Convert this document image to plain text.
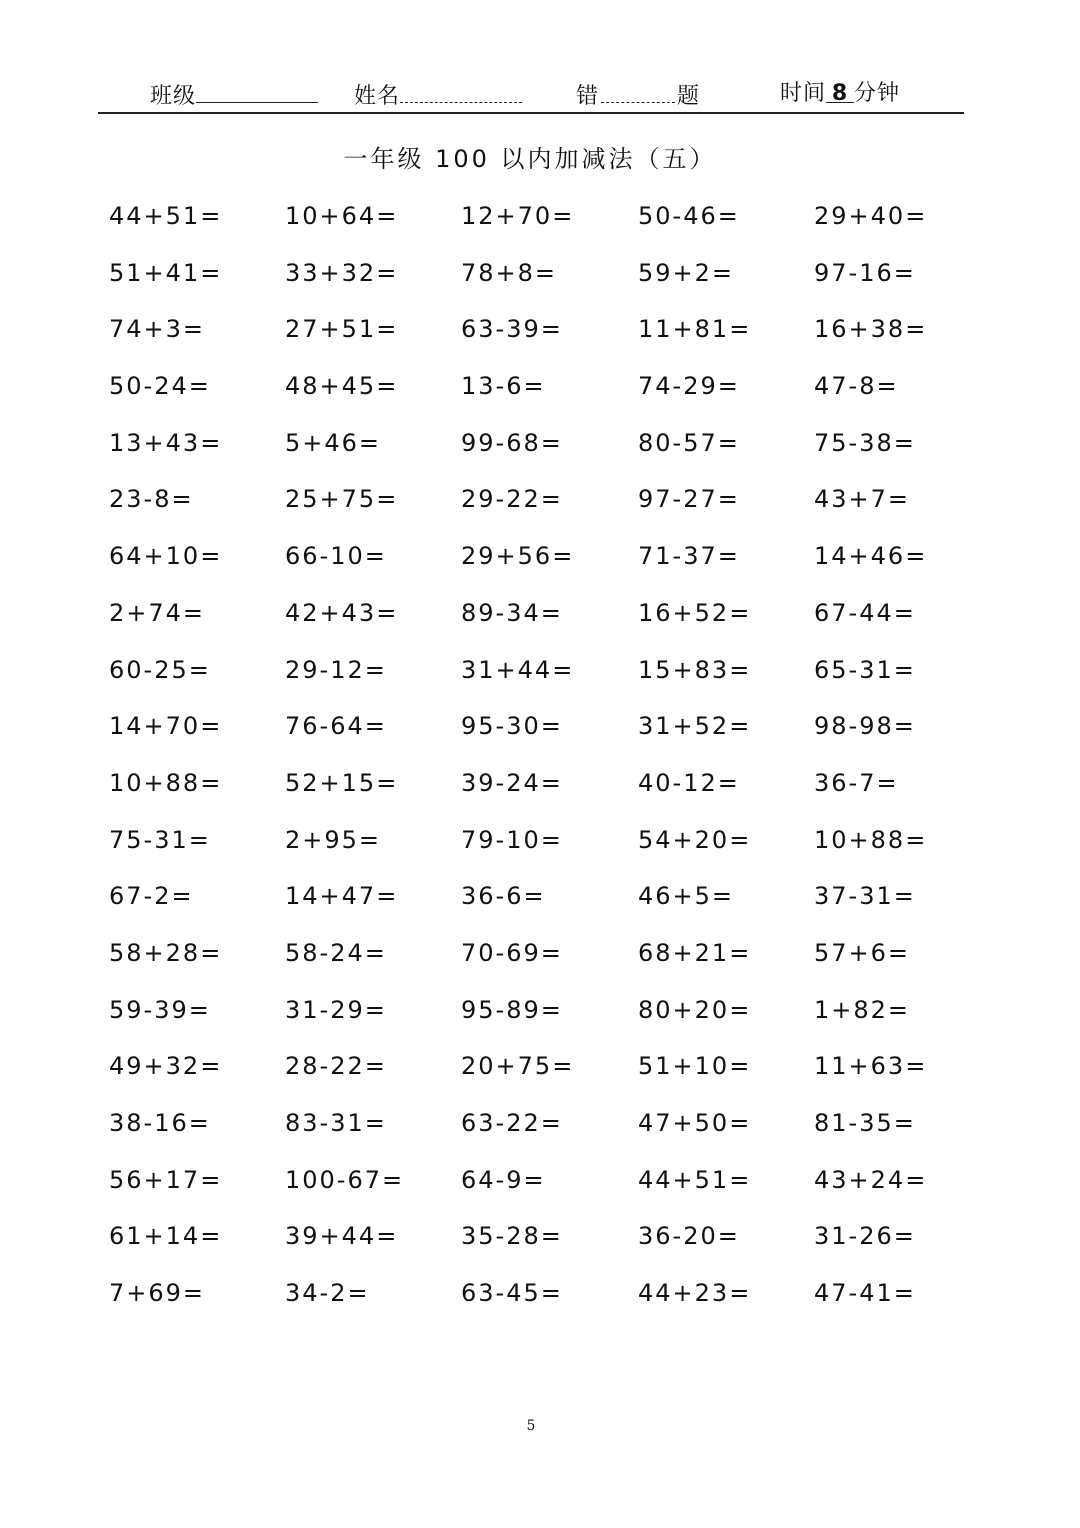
班级	姓名	错	题	时间 8 分钟
一年级 100 以内加减法（五）
44+51=	10+64=	12+70=	50-46=	29+40=
51+41=	33+32=	78+8=	59+2=	97-16=
74+3=	27+51=	63-39=	11+81=	16+38=
50-24=	48+45=	13-6=	74-29=	47-8=
13+43=	5+46=	99-68=	80-57=	75-38=
23-8=	25+75=	29-22=	97-27=	43+7=
64+10=	66-10=	29+56=	71-37=	14+46=
2+74=	42+43=	89-34=	16+52=	67-44=
60-25=	29-12=	31+44=	15+83=	65-31=
14+70=	76-64=	95-30=	31+52=	98-98=
10+88=	52+15=	39-24=	40-12=	36-7=
75-31=	2+95=	79-10=	54+20=	10+88=
67-2=	14+47=	36-6=	46+5=	37-31=
58+28=	58-24=	70-69=	68+21=	57+6=
59-39=	31-29=	95-89=	80+20=	1+82=
49+32=	28-22=	20+75=	51+10=	11+63=
38-16=	83-31=	63-22=	47+50=	81-35=
56+17=	100-67=	64-9=	44+51=	43+24=
61+14=	39+44=	35-28=	36-20=	31-26=
7+69=	34-2=	63-45=	44+23=	47-41=
5
